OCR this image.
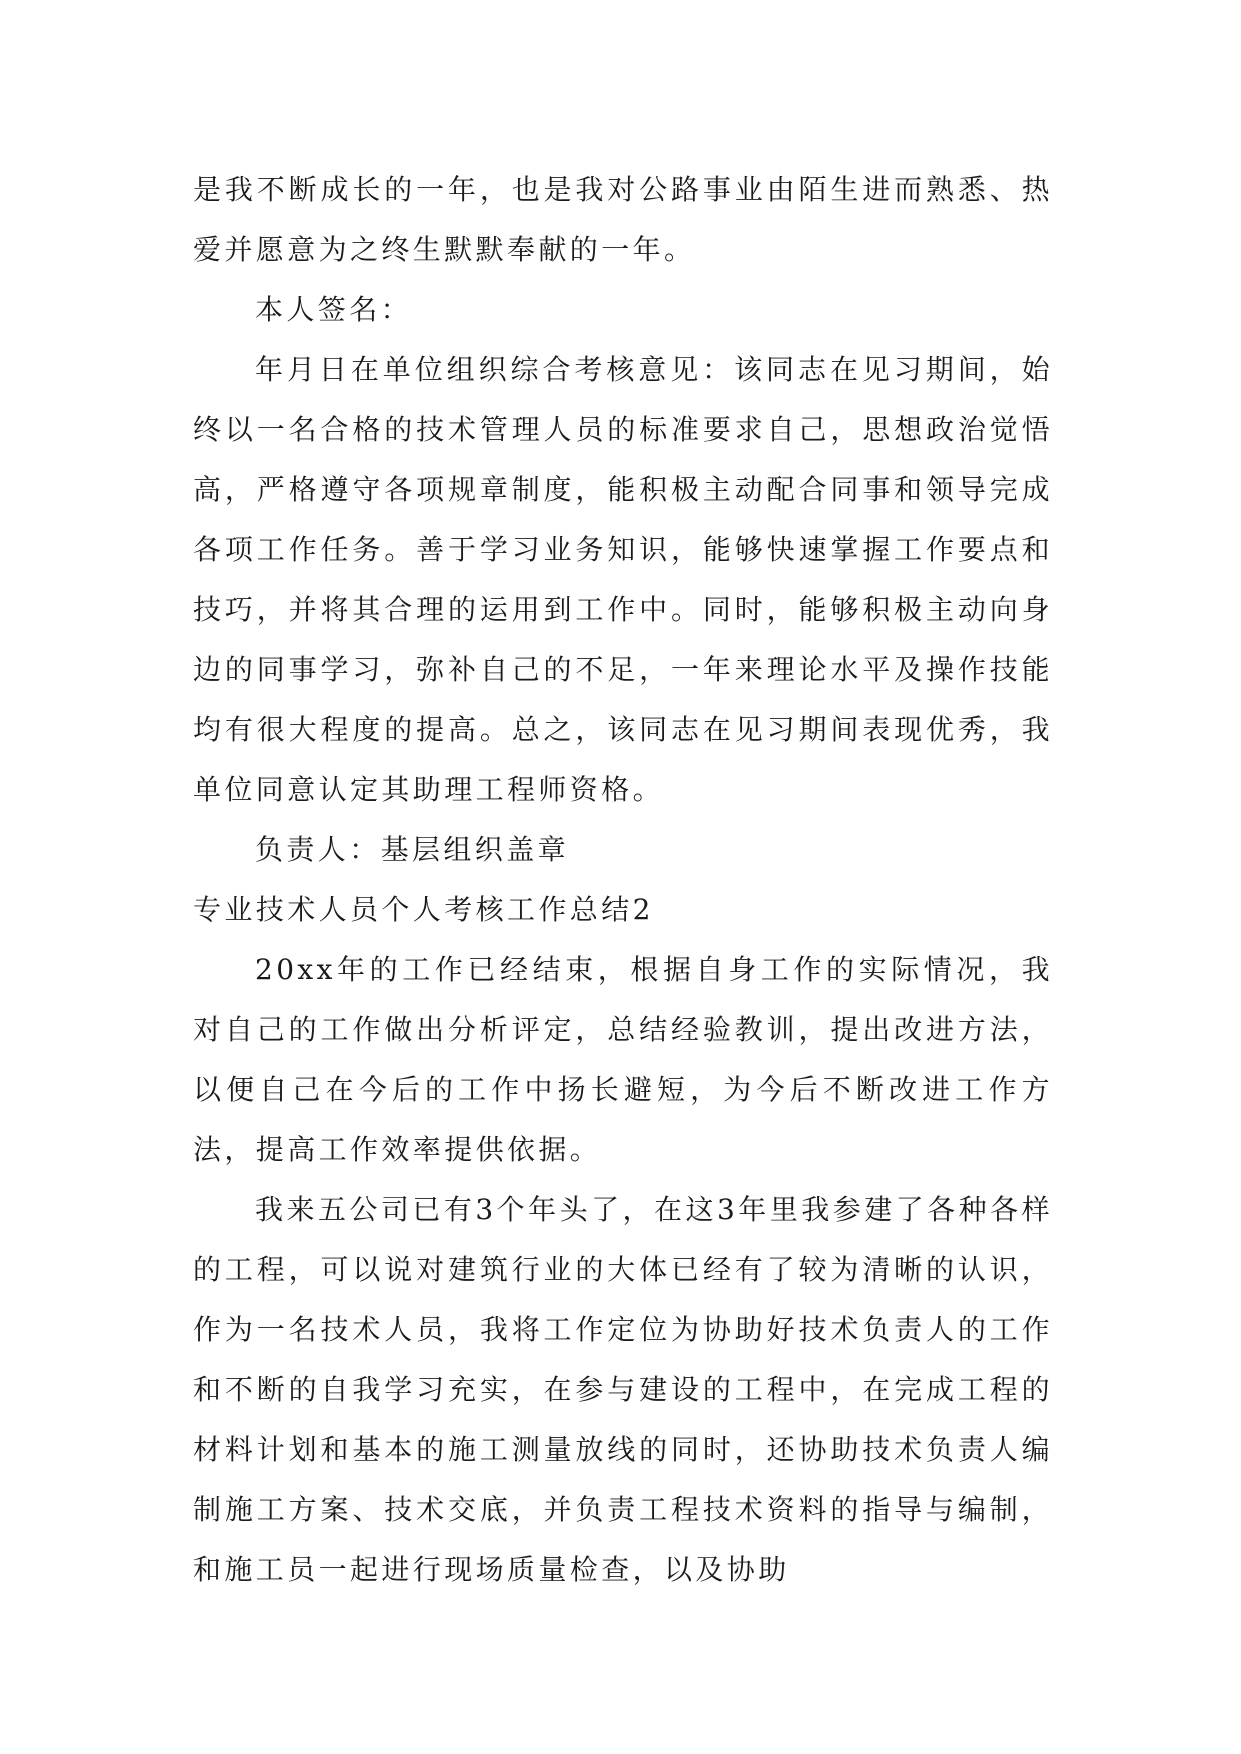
是我不断成长的一年，也是我对公路事业由陌生进而熟悉、热爱并愿意为之终生默默奉献的一年。

本人签名：

年月日在单位组织综合考核意见：该同志在见习期间，始终以一名合格的技术管理人员的标准要求自己，思想政治觉悟高，严格遵守各项规章制度，能积极主动配合同事和领导完成各项工作任务。善于学习业务知识，能够快速掌握工作要点和技巧，并将其合理的运用到工作中。同时，能够积极主动向身边的同事学习，弥补自己的不足，一年来理论水平及操作技能均有很大程度的提高。总之，该同志在见习期间表现优秀，我单位同意认定其助理工程师资格。

负责人：基层组织盖章

专业技术人员个人考核工作总结2

20xx年的工作已经结束，根据自身工作的实际情况，我对自己的工作做出分析评定，总结经验教训，提出改进方法，以便自己在今后的工作中扬长避短，为今后不断改进工作方法，提高工作效率提供依据。

我来五公司已有3个年头了，在这3年里我参建了各种各样的工程，可以说对建筑行业的大体已经有了较为清晰的认识，作为一名技术人员，我将工作定位为协助好技术负责人的工作和不断的自我学习充实，在参与建设的工程中，在完成工程的材料计划和基本的施工测量放线的同时，还协助技术负责人编制施工方案、技术交底，并负责工程技术资料的指导与编制，和施工员一起进行现场质量检查，以及协助
